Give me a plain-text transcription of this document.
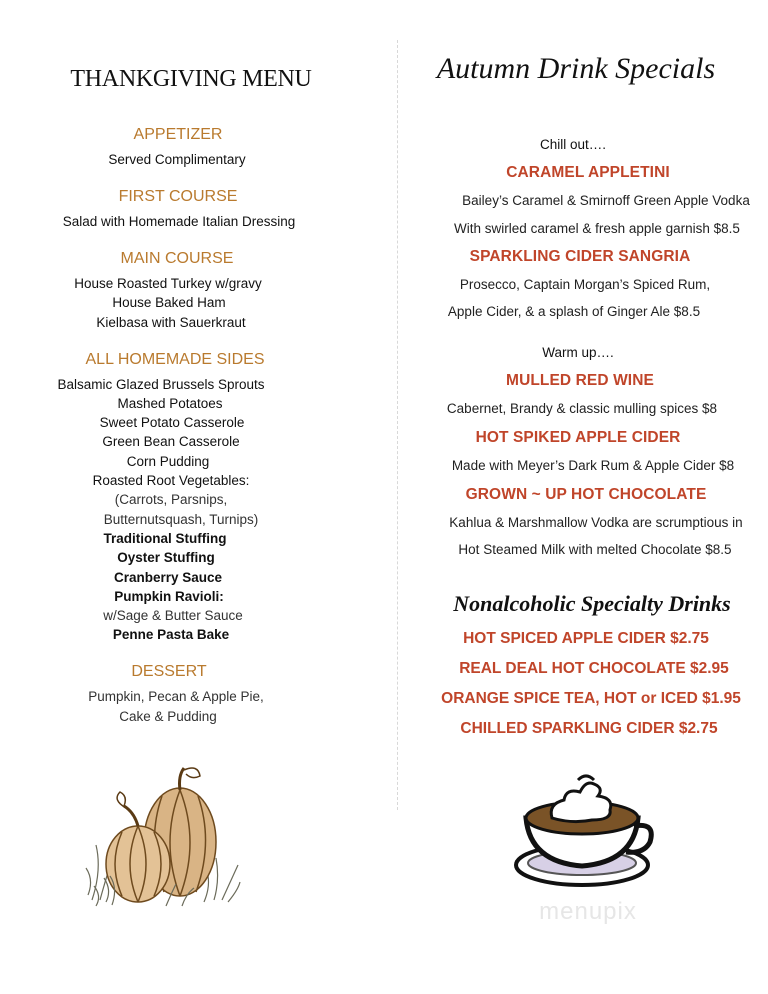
THANKGIVING MENU
APPETIZER
Served Complimentary
FIRST COURSE
Salad with Homemade Italian Dressing
MAIN COURSE
House Roasted Turkey w/gravy
House Baked Ham
Kielbasa with Sauerkraut
ALL HOMEMADE SIDES
Balsamic Glazed Brussels Sprouts
Mashed Potatoes
Sweet Potato Casserole
Green Bean Casserole
Corn Pudding
Roasted Root Vegetables:
(Carrots, Parsnips,
Butternutsquash, Turnips)
Traditional Stuffing
Oyster Stuffing
Cranberry Sauce
Pumpkin Ravioli:
w/Sage & Butter Sauce
Penne Pasta Bake
DESSERT
Pumpkin, Pecan & Apple Pie,
Cake & Pudding
Autumn Drink Specials
Chill out….
CARAMEL APPLETINI
Bailey’s Caramel & Smirnoff Green Apple Vodka
With swirled caramel & fresh apple garnish $8.5
SPARKLING CIDER SANGRIA
Prosecco, Captain Morgan’s Spiced Rum,
Apple Cider, & a splash of Ginger Ale $8.5
Warm up….
MULLED RED WINE
Cabernet, Brandy & classic mulling spices $8
HOT SPIKED APPLE CIDER
Made with Meyer’s Dark Rum & Apple Cider $8
GROWN ~ UP HOT CHOCOLATE
Kahlua & Marshmallow Vodka are scrumptious in
Hot Steamed Milk with melted Chocolate $8.5
Nonalcoholic Specialty Drinks
HOT SPICED APPLE CIDER $2.75
REAL DEAL HOT CHOCOLATE $2.95
ORANGE SPICE TEA, HOT or ICED $1.95
CHILLED SPARKLING CIDER $2.75
menupix
